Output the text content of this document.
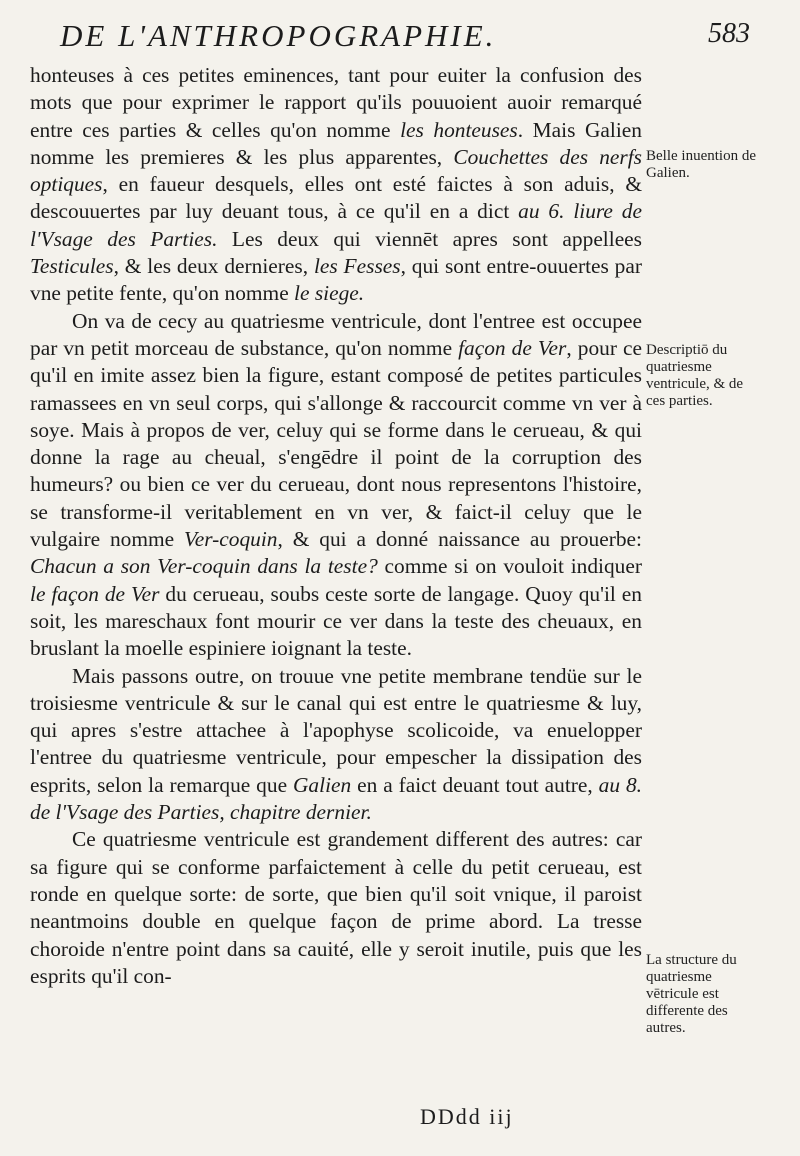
DE L'ANTHROPOGRAPHIE.	583

honteuses à ces petites eminences, tant pour euiter la confusion des mots que pour exprimer le rapport qu'ils pouuoient auoir remarqué entre ces parties & celles qu'on nomme les honteuses. Mais Galien nomme les premieres & les plus apparentes, Couchettes des nerfs optiques, en faueur desquels, elles ont esté faictes à son aduis, & descouuertes par luy deuant tous, à ce qu'il en a dict au 6. liure de l'Vsage des Parties. Les deux qui viennēt apres sont appellees Testicules, & les deux dernieres, les Fesses, qui sont entre-ouuertes par vne petite fente, qu'on nomme le siege.

On va de cecy au quatriesme ventricule, dont l'entree est occupee par vn petit morceau de substance, qu'on nomme façon de Ver, pour ce qu'il en imite assez bien la figure, estant composé de petites particules ramassees en vn seul corps, qui s'allonge & raccourcit comme vn ver à soye. Mais à propos de ver, celuy qui se forme dans le cerueau, & qui donne la rage au cheual, s'engēdre il point de la corruption des humeurs? ou bien ce ver du cerueau, dont nous representons l'histoire, se transforme-il veritablement en vn ver, & faict-il celuy que le vulgaire nomme Ver-coquin, & qui a donné naissance au prouerbe: Chacun a son Ver-coquin dans la teste? comme si on vouloit indiquer le façon de Ver du cerueau, soubs ceste sorte de langage. Quoy qu'il en soit, les mareschaux font mourir ce ver dans la teste des cheuaux, en bruslant la moelle espiniere ioignant la teste.

Mais passons outre, on trouue vne petite membrane tendüe sur le troisiesme ventricule & sur le canal qui est entre le quatriesme & luy, qui apres s'estre attachee à l'apophyse scolicoide, va enuelopper l'entree du quatriesme ventricule, pour empescher la dissipation des esprits, selon la remarque que Galien en a faict deuant tout autre, au 8. de l'Vsage des Parties, chapitre dernier.

Ce quatriesme ventricule est grandement different des autres: car sa figure qui se conforme parfaictement à celle du petit cerueau, est ronde en quelque sorte: de sorte, que bien qu'il soit vnique, il paroist neantmoins double en quelque façon de prime abord. La tresse choroide n'entre point dans sa cauité, elle y seroit inutile, puis que les esprits qu'il con-

Belle inuention de Galien.
Descriptiō du quatriesme ventricule, & de ces parties.
La structure du quatriesme vētricule est differente des autres.
DDdd iij
